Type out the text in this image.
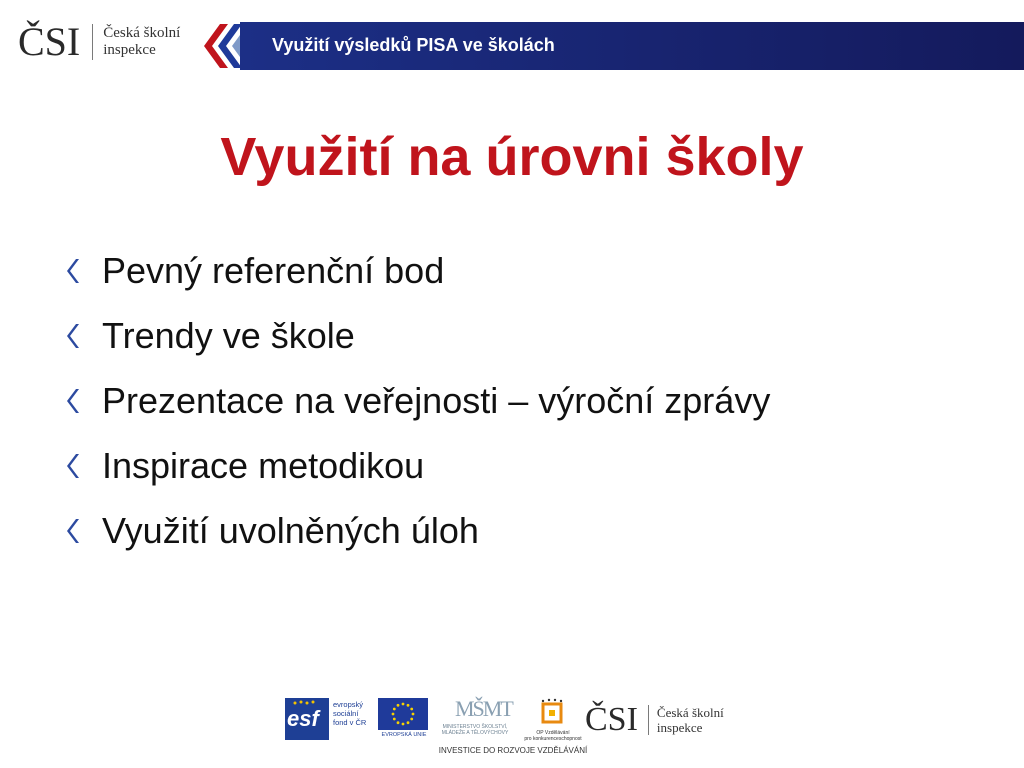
ČSI Česká školní
inspekce	Využití výsledků PISA ve školách
Využití na úrovni školy
Pevný referenční bod
Trendy ve škole
Prezentace na veřejnosti – výroční zprávy
Inspirace metodikou
Využití uvolněných úloh
esf
evropský
sociální
fond v ČR
EVROPSKÁ UNIE
MŠMT
MINISTERSTVO ŠKOLSTVÍ,
MLÁDEŽE A TĚLOVÝCHOVY	OP Vzdělávání
pro konkurenceschopnost
ČSI Česká školní
inspekce
INVESTICE DO ROZVOJE VZDĚLÁVÁNÍ
